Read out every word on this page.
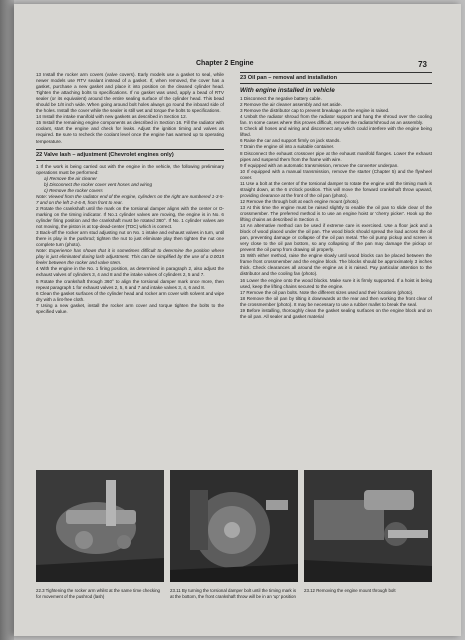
Chapter 2 Engine	73

13 Install the rocker arm covers (valve covers). Early models use a gasket to seal, while newer models use RTV sealant instead of a gasket. If, when removed, the cover has a gasket, purchase a new gasket and place it into position on the cleaned cylinder head. Tighten the attaching bolts to specifications. If no gasket was used, apply a bead of RTV sealer (or its equivalent) around the entire sealing surface of the cylinder head. This bead should be 1/8 inch wide. When going around bolt holes always go round the inboard side of the holes. Install the cover while the sealer is still wet and torque the bolts to specifications.

14 Install the intake manifold with new gaskets as described in Section 12.

15 Install the remaining engine components as described in Section 16. Fill the radiator with coolant, start the engine and check for leaks. Adjust the ignition timing and valves as required. Be sure to recheck the coolant level once the engine has warmed up to operating temperature.

22 Valve lash – adjustment (Chevrolet engines only)

1 If the work is being carried out with the engine in the vehicle, the following preliminary operations must be performed:

a) Remove the air cleaner

b) Disconnect the rocker cover vent hoses and wiring

c) Remove the rocker covers

Note: Viewed from the radiator end of the engine, cylinders on the right are numbered 1-3-5-7 and on the left 2-4-6-8, from front to rear.

2 Rotate the crankshaft until the mark on the torsional damper aligns with the center or O-marking on the timing indicator. If No.1 cylinder valves are moving, the engine is in No. 6 cylinder firing position and the crankshaft must be rotated 360°. If No. 1 cylinder valves are not moving, the piston is at top-dead-center (TDC) which is correct.

3 Back-off the rocker arm stud adjusting nut on No. 1 intake and exhaust valves in turn, until there is play in the pushrod; tighten the nut to just eliminate play then tighten the nut one complete turn (photo).

Note: Experience has shown that it is sometimes difficult to determine the position where play is just eliminated during lash adjustment. This can be simplified by the use of a 0.0015 feeler between the rocker and valve stem.

4 With the engine in the No. 1 firing position, as determined in paragraph 2, also adjust the exhaust valves of cylinders 3, 4 and 8 and the intake valves of cylinders 2, 5 and 7.

5 Rotate the crankshaft through 360° to align the torsional damper mark once more, then repeat paragraph 1 for exhaust valves 2, 5, 6 and 7 and intake valves 3, 4, 6 and 8.

6 Clean the gasket surfaces of the cylinder head and rocker arm cover with solvent and wipe dry with a lint-free cloth.

7 Using a new gasket, install the rocker arm cover and torque tighten the bolts to the specified value.

23 Oil pan – removal and installation
With engine installed in vehicle

1 Disconnect the negative battery cable.

2 Remove the air cleaner assembly and set aside.

3 Remove the distributor cap to prevent breakage as the engine is raised.

4 Unbolt the radiator shroud from the radiator support and hang the shroud over the cooling fan. In some cases where this proves difficult, remove the radiator/shroud as an assembly.

5 Check all hoses and wiring and disconnect any which could interfere with the engine being lifted.

6 Raise the car and support firmly on jack stands.

7 Drain the engine oil into a suitable container.

8 Disconnect the exhaust crossover pipe at the exhaust manifold flanges. Lower the exhaust pipes and suspend them from the frame with wire.

9 If equipped with an automatic transmission, remove the converter underpan.

10 If equipped with a manual transmission, remove the starter (Chapter 5) and the flywheel cover.

11 Use a bolt at the center of the torsional damper to rotate the engine until the timing mark is straight down, at the 6 o'clock position. This will move the forward crankshaft throw upward, providing clearance at the front of the oil pan (photo).

12 Remove the through bolt at each engine mount (photo).

13 At this time the engine must be raised slightly to enable the oil pan to slide clear of the crossmember. The preferred method is to use an engine hoist or 'cherry picker'. Hook up the lifting chains as described in Section 4.

14 An alternative method can be used if extreme care is exercised. Use a floor jack and a block of wood placed under the oil pan. The wood block should spread the load across the oil pan, preventing damage or collapse of the oil pan metal. The oil pump pickup and screen is very close to the oil pan bottom, so any collapsing of the pan may damage the pickup or prevent the oil pump from drawing oil properly.

15 With either method, raise the engine slowly until wood blocks can be placed between the frame front crossmember and the engine block. The blocks should be approximately 3 inches thick. Check clearances all around the engine as it is raised. Pay particular attention to the distributor and the cooling fan (photo).

16 Lower the engine onto the wood blocks. Make sure it is firmly supported. If a hoist is being used, keep the lifting chains secured to the engine.

17 Remove the oil pan bolts. Note the different sizes used and their locations (photo).

18 Remove the oil pan by tilting it downwards at the rear and then working the front clear of the crossmember (photo). It may be necessary to use a rubber mallet to break the seal.

19 Before installing, thoroughly clean the gasket sealing surfaces on the engine block and on the oil pan. All sealer and gasket material

22.3 Tightening the rocker arm whilst at the same time checking for movement of the pushrod (lash)
23.11 By turning the torsional damper bolt until the timing mark is at the bottom, the front crankshaft throw will be in an 'up' position
23.12 Removing the engine mount through bolt
